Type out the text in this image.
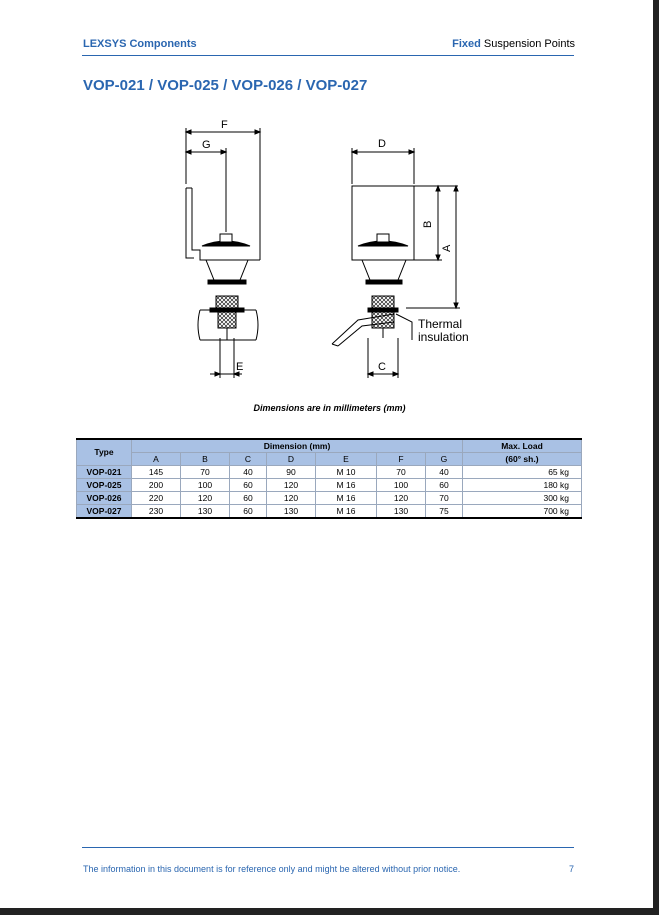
LEXSYS Components	Fixed Suspension Points
VOP-021 / VOP-025 / VOP-026 / VOP-027
F
G
E
D
B
A
C
Thermal
insulation
Dimensions are in millimeters (mm)
Type	Dimension (mm)							Max. Load
	A	B	C	D	E	F	G	(60° sh.)
VOP-021	145	70	40	90	M 10	70	40	65 kg
VOP-025	200	100	60	120	M 16	100	60	180 kg
VOP-026	220	120	60	120	M 16	120	70	300 kg
VOP-027	230	130	60	130	M 16	130	75	700 kg
The information in this document is for reference only and might be altered without prior notice.	7
